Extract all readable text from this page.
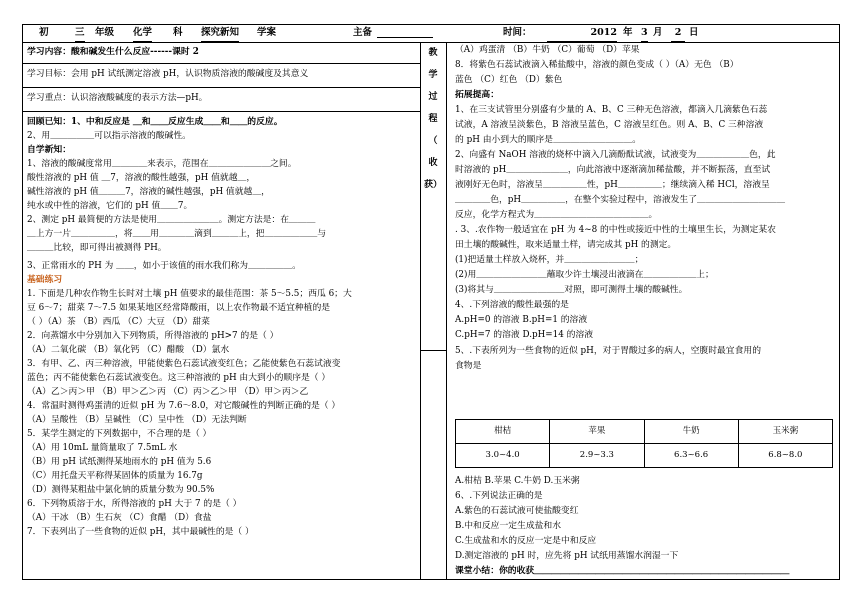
初	三 年级 化学 科 探究新知 学案	主备	时间：	2012 年 3 月	2 日
学习内容：酸和碱发生什么反应------课时 2
学习目标：会用 pH 试纸测定溶液 pH，认识物质溶液的酸碱度及其意义
学习重点：认识溶液酸碱度的表示方法—pH。
回顾已知：1、中和反应是 ＿和＿＿反应生成＿＿和＿＿的反应。
2、用＿＿＿＿＿可以指示溶液的酸碱性。
自学新知：
1、溶液的酸碱度常用＿＿＿＿来表示，范围在＿＿＿＿＿＿＿之间。
酸性溶液的 pH 值 ＿7，溶液的酸性越强，pH 值就越＿，
碱性溶液的 pH 值＿＿＿7，溶液的碱性越强，pH 值就越＿，
纯水或中性的溶液，它们的 pH 值＿＿7。
2、测定 pH 最简便的方法是使用＿＿＿＿＿＿＿。测定方法是：在＿＿＿
＿上方一片＿＿＿＿＿，将＿＿用＿＿＿＿滴到＿＿＿上，把＿＿＿＿＿＿与
＿＿＿比较，即可得出被测得 PH。
3、正常雨水的 PH 为 ＿＿，如小于该值的雨水我们称为＿＿＿＿＿。
基础练习
1. 下面是几种农作物生长时对土壤 pH 值要求的最佳范围：茶 5～5.5；西瓜 6；大
豆 6～7；甜菜 7～7.5 如果某地区经常降酸雨，以上农作物最不适宜种植的是
（ ）（A）茶 （B）西瓜 （C）大豆 （D）甜菜
2．向蒸馏水中分别加入下列物质，所得溶液的 pH>7 的是（ ）
（A）二氧化碳 （B）氧化钙 （C）醋酸 （D）氯水
3．有甲、乙、丙三种溶液，甲能使紫色石蕊试液变红色；乙能使紫色石蕊试液变
蓝色；丙不能使紫色石蕊试液变色。这三种溶液的 pH 由大到小的顺序是（ ）
（A）乙＞丙＞甲 （B）甲＞乙＞丙 （C）丙＞乙＞甲 （D）甲＞丙＞乙
4．常温时测得鸡蛋清的近似 pH 为 7.6～8.0，对它酸碱性的判断正确的是（ ）
（A）呈酸性 （B）呈碱性 （C）呈中性 （D）无法判断
5．某学生测定的下列数据中，不合理的是（ ）
（A）用 10mL 量筒量取了 7.5mL 水
（B）用 pH 试纸测得某地雨水的 pH 值为 5.6
（C）用托盘天平称得某固体的质量为 16.7g
（D）测得某粗盐中氯化钠的质量分数为 90.5%
6．下列物质溶于水，所得溶液的 pH 大于 7 的是（ ）
（A）干冰 （B）生石灰 （C）食醋 （D）食盐
7．下表列出了一些食物的近似 pH，其中最碱性的是（ ）
教
学
过
程
（
收
获）
（A）鸡蛋清 （B）牛奶 （C）葡萄 （D）苹果
8．将紫色石蕊试液滴入稀盐酸中，溶液的颜色变成（ ）（A）无色 （B）
蓝色 （C）红色 （D）紫色
拓展提高：
1、在三支试管里分别盛有少量的 A、B、C 三种无色溶液，都滴入几滴紫色石蕊
试液，A 溶液呈淡紫色，B 溶液呈蓝色，C 溶液呈红色。则 A、B、C 三种溶液
的 pH 由小到大的顺序是＿＿＿＿＿＿＿＿＿。
2、向盛有 NaOH 溶液的烧杯中滴入几滴酚酞试液，试液变为＿＿＿＿＿＿色，此
时溶液的 pH＿＿＿＿＿＿＿，向此溶液中逐渐滴加稀盐酸，并不断振荡，直至试
液刚好无色时，溶液呈＿＿＿＿＿性，pH＿＿＿＿＿；继续滴入稀 HCl，溶液呈
＿＿＿＿色，pH＿＿＿＿＿，在整个实验过程中，溶液发生了＿＿＿＿＿＿＿＿＿＿
反应，化学方程式为＿＿＿＿＿＿＿＿＿＿＿＿＿。
. 3、.农作物一般适宜在 pH 为 4~8 的中性或接近中性的土壤里生长，为测定某农
田土壤的酸碱性，取来适量土样，请完成其 pH 的测定。
(1)把适量土样放入烧杯，并＿＿＿＿＿＿＿＿；
(2)用＿＿＿＿＿＿＿＿蘸取少许土壤浸出液滴在＿＿＿＿＿＿上；
(3)将其与＿＿＿＿＿＿＿＿对照，即可测得土壤的酸碱性。
4、.下列溶液的酸性最强的是
A.pH=0 的溶液 B.pH=1 的溶液
C.pH=7 的溶液 D.pH=14 的溶液
5、.下表所列为一些食物的近似 pH，对于胃酸过多的病人，空腹时最宜食用的
食物是
柑桔	苹果	牛奶	玉米粥
3.0~4.0	2.9~3.3	6.3~6.6	6.8~8.0
A.柑桔 B.苹果 C.牛奶 D.玉米粥
6、.下列说法正确的是
A.紫色的石蕊试液可使盐酸变红
B.中和反应一定生成盐和水
C.生成盐和水的反应一定是中和反应
D.测定溶液的 pH 时，应先将 pH 试纸用蒸馏水润湿一下
课堂小结：你的收获＿＿＿＿＿＿＿＿＿＿＿＿＿＿＿＿＿＿＿＿＿＿＿＿＿＿＿＿＿
